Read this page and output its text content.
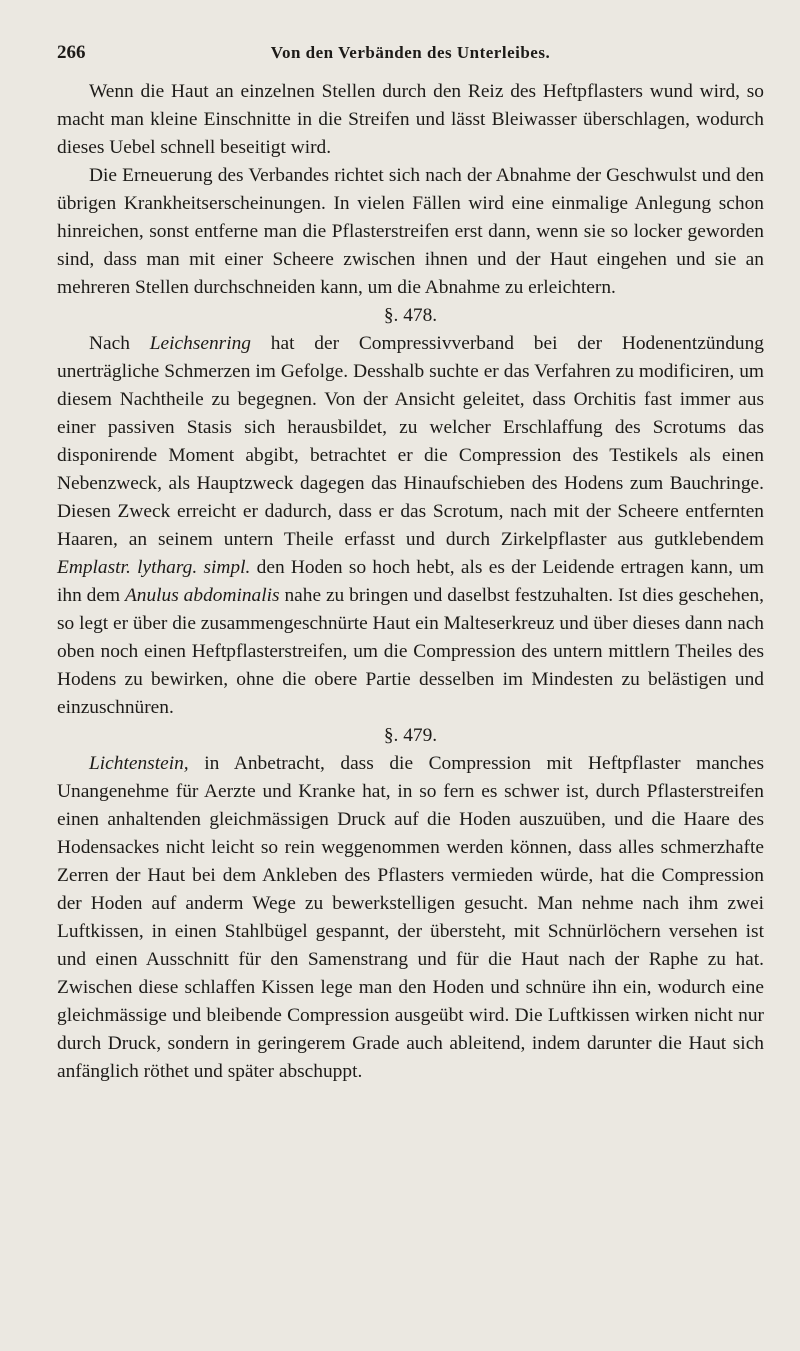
266	Von den Verbänden des Unterleibes.

Wenn die Haut an einzelnen Stellen durch den Reiz des Heftpflasters wund wird, so macht man kleine Einschnitte in die Streifen und lässt Bleiwasser überschlagen, wodurch dieses Uebel schnell beseitigt wird.

Die Erneuerung des Verbandes richtet sich nach der Abnahme der Geschwulst und den übrigen Krankheitserscheinungen. In vielen Fällen wird eine einmalige Anlegung schon hinreichen, sonst entferne man die Pflasterstreifen erst dann, wenn sie so locker geworden sind, dass man mit einer Scheere zwischen ihnen und der Haut eingehen und sie an mehreren Stellen durchschneiden kann, um die Abnahme zu erleichtern.

§. 478.

Nach Leichsenring hat der Compressivverband bei der Hodenentzündung unerträgliche Schmerzen im Gefolge. Desshalb suchte er das Verfahren zu modificiren, um diesem Nachtheile zu begegnen. Von der Ansicht geleitet, dass Orchitis fast immer aus einer passiven Stasis sich herausbildet, zu welcher Erschlaffung des Scrotums das disponirende Moment abgibt, betrachtet er die Compression des Testikels als einen Nebenzweck, als Hauptzweck dagegen das Hinaufschieben des Hodens zum Bauchringe. Diesen Zweck erreicht er dadurch, dass er das Scrotum, nach mit der Scheere entfernten Haaren, an seinem untern Theile erfasst und durch Zirkelpflaster aus gutklebendem Emplastr. lytharg. simpl. den Hoden so hoch hebt, als es der Leidende ertragen kann, um ihn dem Anulus abdominalis nahe zu bringen und daselbst festzuhalten. Ist dies geschehen, so legt er über die zusammengeschnürte Haut ein Malteserkreuz und über dieses dann nach oben noch einen Heftpflasterstreifen, um die Compression des untern mittlern Theiles des Hodens zu bewirken, ohne die obere Partie desselben im Mindesten zu belästigen und einzuschnüren.

§. 479.

Lichtenstein, in Anbetracht, dass die Compression mit Heftpflaster manches Unangenehme für Aerzte und Kranke hat, in so fern es schwer ist, durch Pflasterstreifen einen anhaltenden gleichmässigen Druck auf die Hoden auszuüben, und die Haare des Hodensackes nicht leicht so rein weggenommen werden können, dass alles schmerzhafte Zerren der Haut bei dem Ankleben des Pflasters vermieden würde, hat die Compression der Hoden auf anderm Wege zu bewerkstelligen gesucht. Man nehme nach ihm zwei Luftkissen, in einen Stahlbügel gespannt, der übersteht, mit Schnürlöchern versehen ist und einen Ausschnitt für den Samenstrang und für die Haut nach der Raphe zu hat. Zwischen diese schlaffen Kissen lege man den Hoden und schnüre ihn ein, wodurch eine gleichmässige und bleibende Compression ausgeübt wird. Die Luftkissen wirken nicht nur durch Druck, sondern in geringerem Grade auch ableitend, indem darunter die Haut sich anfänglich röthet und später abschuppt.
